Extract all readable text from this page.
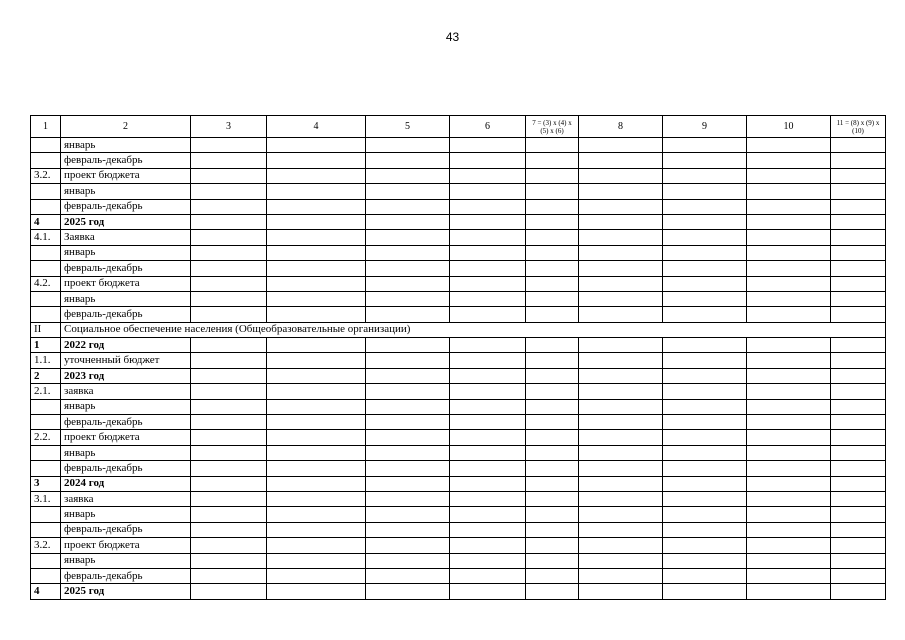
43
1	2	3	4	5	6	7 = (3) x (4) x (5) x (6)	8	9	10	11 = (8) x (9) x (10)
	январь									
	февраль-декабрь									
3.2.	проект бюджета									
	январь									
	февраль-декабрь									
4	2025 год									
4.1.	Заявка									
	январь									
	февраль-декабрь									
4.2.	проект бюджета									
	январь									
	февраль-декабрь									
II	Социальное обеспечение населения (Общеобразовательные организации)									
1	2022 год									
1.1.	уточненный бюджет									
2	2023 год									
2.1.	заявка									
	январь									
	февраль-декабрь									
2.2.	проект бюджета									
	январь									
	февраль-декабрь									
3	2024 год									
3.1.	заявка									
	январь									
	февраль-декабрь									
3.2.	проект бюджета									
	январь									
	февраль-декабрь									
4	2025 год									
